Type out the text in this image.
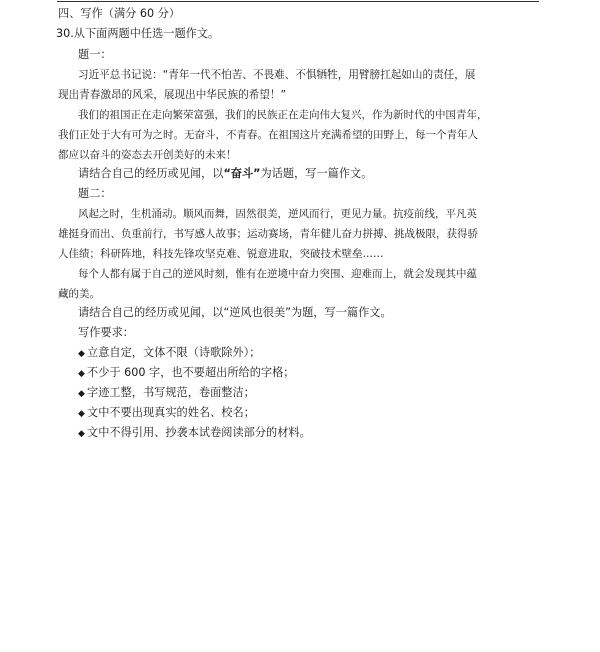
四、写作（满分 60 分）
30.从下面两题中任选一题作文。
题一：
习近平总书记说：“青年一代不怕苦、不畏难、不惧牺牲，用臂膀扛起如山的责任，展
现出青春激昂的风采，展现出中华民族的希望！”
我们的祖国正在走向繁荣富强，我们的民族正在走向伟大复兴，作为新时代的中国青年，
我们正处于大有可为之时。无奋斗，不青春。在祖国这片充满希望的田野上，每一个青年人
都应以奋斗的姿态去开创美好的未来！
请结合自己的经历或见闻，以“奋斗”为话题，写一篇作文。
题二：
风起之时，生机涌动。顺风而舞，固然很美，逆风而行，更见力量。抗疫前线，平凡英
雄挺身而出、负重前行，书写感人故事；运动赛场，青年健儿奋力拼搏、挑战极限，获得骄
人佳绩；科研阵地，科技先锋攻坚克难、锐意进取，突破技术壁垒……
每个人都有属于自己的逆风时刻，惟有在逆境中奋力突围、迎难而上，就会发现其中蕴
藏的美。
请结合自己的经历或见闻，以“逆风也很美”为题，写一篇作文。
写作要求：
◆ 立意自定，文体不限（诗歌除外）；
◆ 不少于 600 字，也不要超出所给的字格；
◆ 字迹工整，书写规范，卷面整洁；
◆ 文中不要出现真实的姓名、校名；
◆ 文中不得引用、抄袭本试卷阅读部分的材料。
